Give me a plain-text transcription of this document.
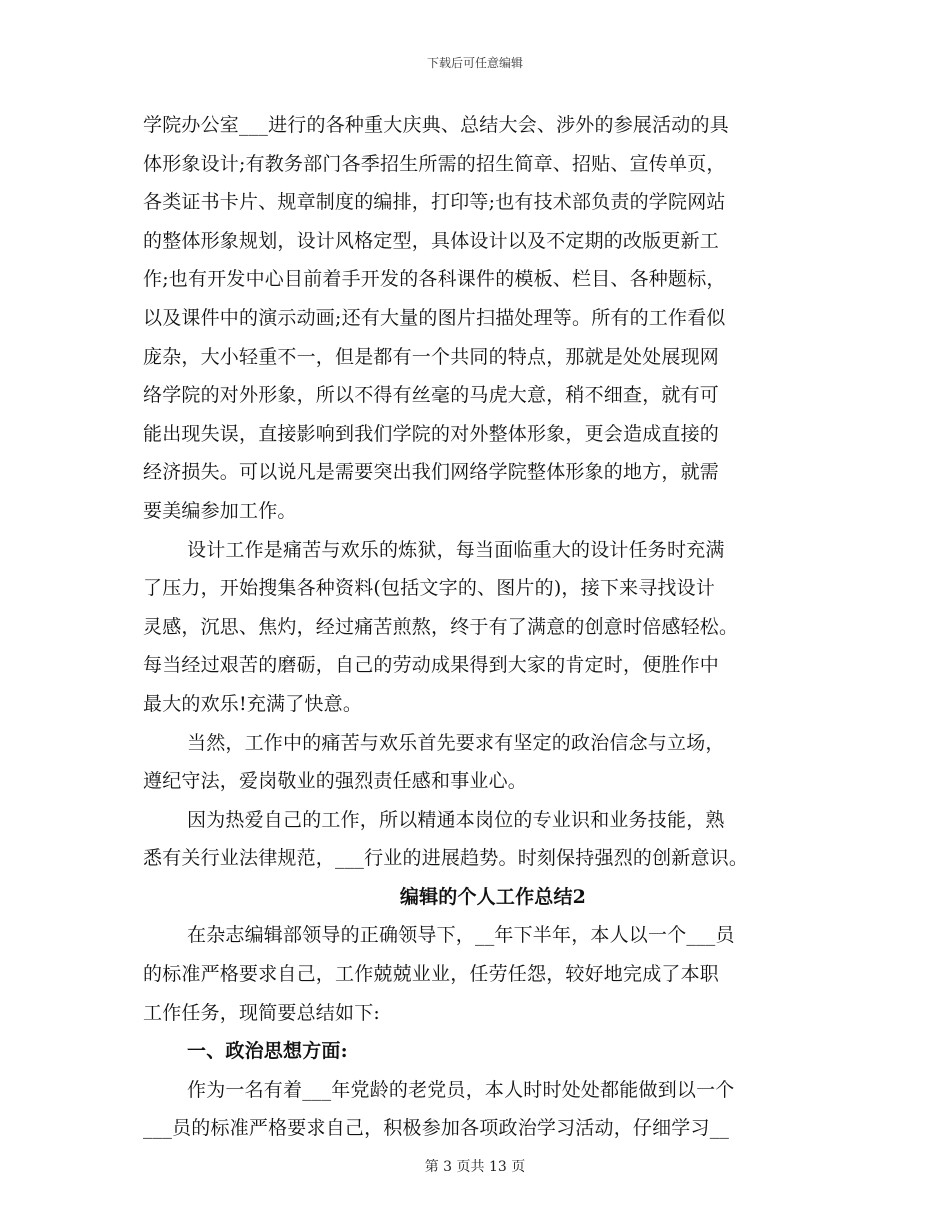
下载后可任意编辑
学院办公室___进行的各种重大庆典、总结大会、涉外的参展活动的具
体形象设计;有教务部门各季招生所需的招生简章、招贴、宣传单页，
各类证书卡片、规章制度的编排，打印等;也有技术部负责的学院网站
的整体形象规划，设计风格定型，具体设计以及不定期的改版更新工
作;也有开发中心目前着手开发的各科课件的模板、栏目、各种题标，
以及课件中的演示动画;还有大量的图片扫描处理等。所有的工作看似
庞杂，大小轻重不一，但是都有一个共同的特点，那就是处处展现网
络学院的对外形象，所以不得有丝毫的马虎大意，稍不细查，就有可
能出现失误，直接影响到我们学院的对外整体形象，更会造成直接的
经济损失。可以说凡是需要突出我们网络学院整体形象的地方，就需
要美编参加工作。
设计工作是痛苦与欢乐的炼狱，每当面临重大的设计任务时充满
了压力，开始搜集各种资料(包括文字的、图片的)，接下来寻找设计
灵感，沉思、焦灼，经过痛苦煎熬，终于有了满意的创意时倍感轻松。
每当经过艰苦的磨砺，自己的劳动成果得到大家的肯定时，便胜作中
最大的欢乐!充满了快意。
当然，工作中的痛苦与欢乐首先要求有坚定的政治信念与立场，
遵纪守法，爱岗敬业的强烈责任感和事业心。
因为热爱自己的工作，所以精通本岗位的专业识和业务技能，熟
悉有关行业法律规范，___行业的进展趋势。时刻保持强烈的创新意识。
编辑的个人工作总结2
在杂志编辑部领导的正确领导下，__年下半年，本人以一个___员
的标准严格要求自己，工作兢兢业业，任劳任怨，较好地完成了本职
工作任务，现简要总结如下:
一、政治思想方面:
作为一名有着___年党龄的老党员，本人时时处处都能做到以一个
___员的标准严格要求自己，积极参加各项政治学习活动，仔细学习__
第 3 页共 13 页
